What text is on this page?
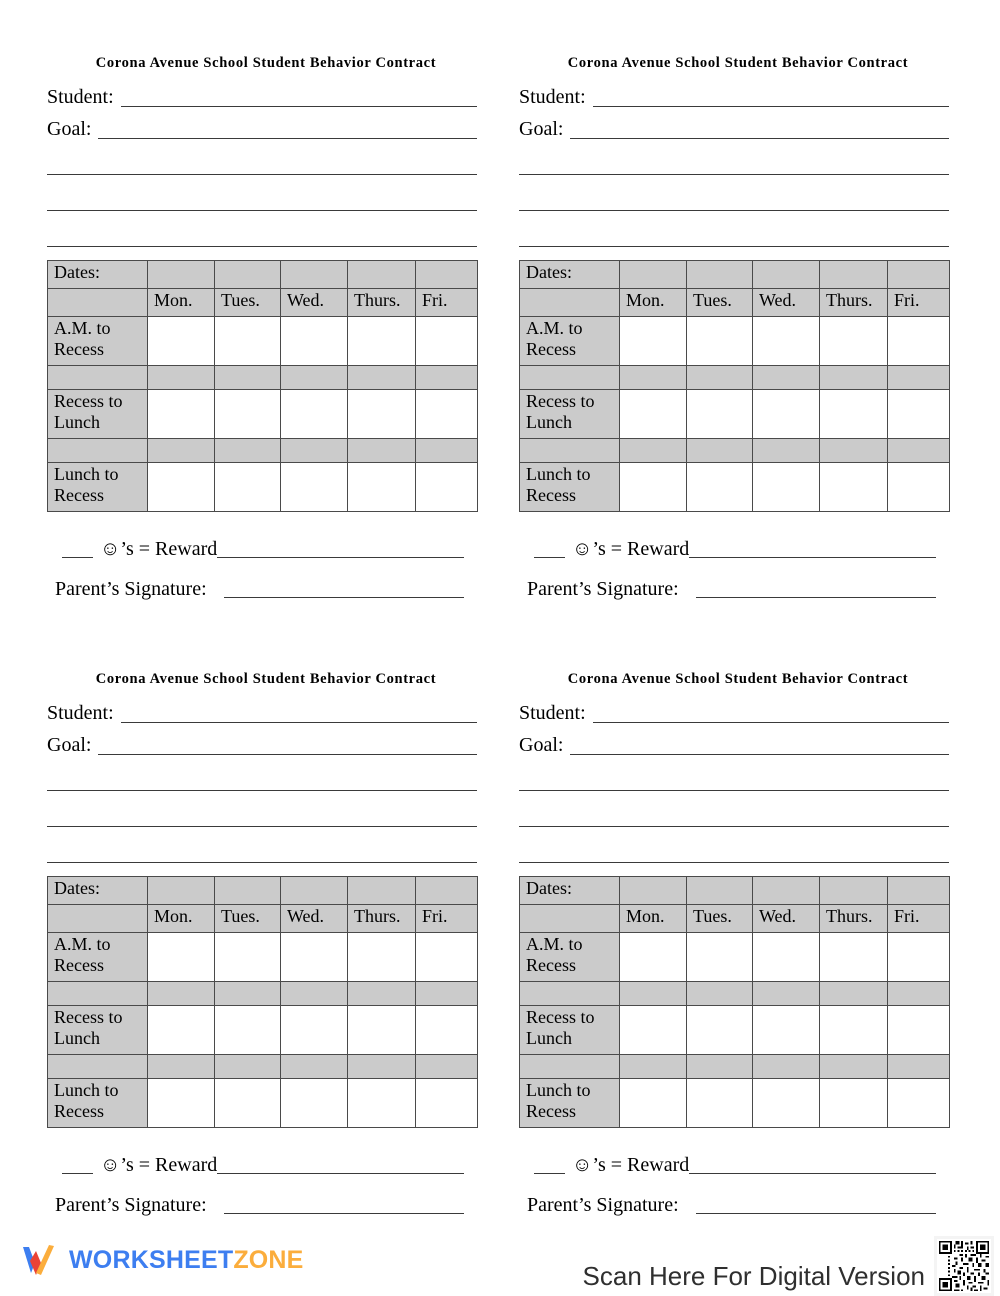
Corona Avenue School Student Behavior Contract
Student:
Goal:
Dates:					
	Mon.	Tues.	Wed.	Thurs.	Fri.
A.M. to Recess					

Recess to Lunch					

Lunch to Recess					
☺ ’s = Reward
Parent’s Signature:
Corona Avenue School Student Behavior Contract
Student:
Goal:
Dates:					
	Mon.	Tues.	Wed.	Thurs.	Fri.
A.M. to Recess					

Recess to Lunch					

Lunch to Recess					
☺ ’s = Reward
Parent’s Signature:
Corona Avenue School Student Behavior Contract
Student:
Goal:
Dates:					
	Mon.	Tues.	Wed.	Thurs.	Fri.
A.M. to Recess					

Recess to Lunch					

Lunch to Recess					
☺ ’s = Reward
Parent’s Signature:
Corona Avenue School Student Behavior Contract
Student:
Goal:
Dates:					
	Mon.	Tues.	Wed.	Thurs.	Fri.
A.M. to Recess					

Recess to Lunch					

Lunch to Recess					
☺ ’s = Reward
Parent’s Signature:
WORKSHEETZONE
Scan Here For Digital Version
